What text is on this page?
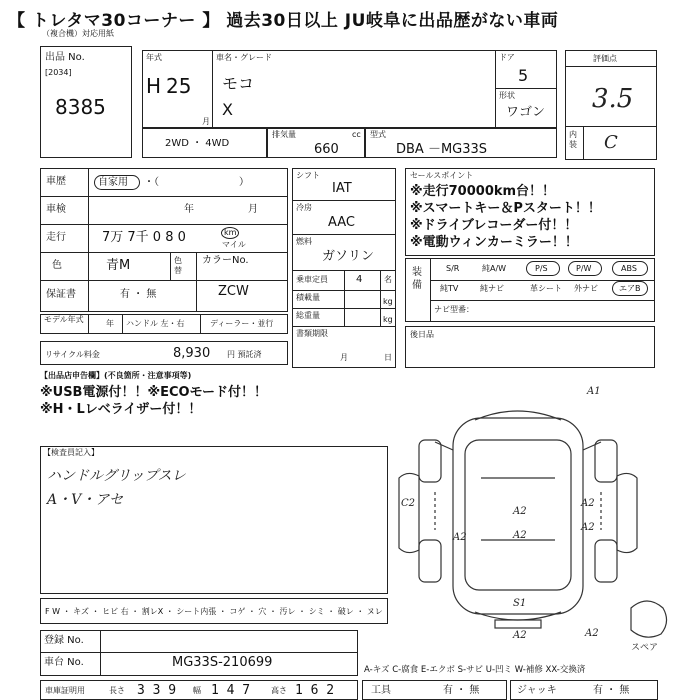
【 トレタマ30コーナー 】 過去30日以上 JU岐阜に出品歴がない車両
（複合機）対応用紙
出品 No.
[2034]
8385
年式
H 25
月
車名・グレード
モコ
X
ドア
5
形状
ワゴン
2WD ・ 4WD
排気量	cc
660
型式
DBA －MG33S
評価点
3.5
内装 C
車歴	自家用 ・（　　　　　　　　）
車検	年	月
走行	7万 7千 0 8 0	km
マイル
色	青M	色替
カラーNo.
ZCW
保証書	有 ・ 無
モデル年式	年 ハンドル 左・右	ディーラー・並行
リサイクル料金	8,930 円 預託済
シフト
IAT
冷房
AAC
燃料
ガソリン
乗車定員	4	名
積載量	kg
総重量	kg
書類期限
月	日
セールスポイント
※走行70000km台！！
※スマートキー＆Pスタート！！
※ドライブレコーダー付！！
※電動ウィンカーミラー！！
装備
S/R	純A/W	P/S	P/W	ABS
純TV	純ナビ	革シート 外ナビ	エアB
ナビ型番：
後日品
【出品店申告欄】(不良箇所・注意事項等)
※USB電源付！！※ECOモード付！！
※H・Lレベライザー付！！
【検査員記入】
ハンドルグリップスレ
A・V・アセ
F W ・ キズ ・ ヒビ 右 ・ 割レX ・ シート内張 ・ コゲ ・ 穴 ・ 汚レ ・ シミ ・ 破レ ・ ヌレ
登録 No.
車台 No.	MG33S-210699
車庫証明用	長さ 3 3 9 幅 1 4 7	高さ 1 6 2
A-キズ C-腐食 E-エクボ S-サビ U-凹ミ W-補修 XX-交換済
工具	有 ・ 無	ジャッキ	有 ・ 無
A1
C2
A2
A2
A2
A2	A2
S1
A2	A2
スペア
